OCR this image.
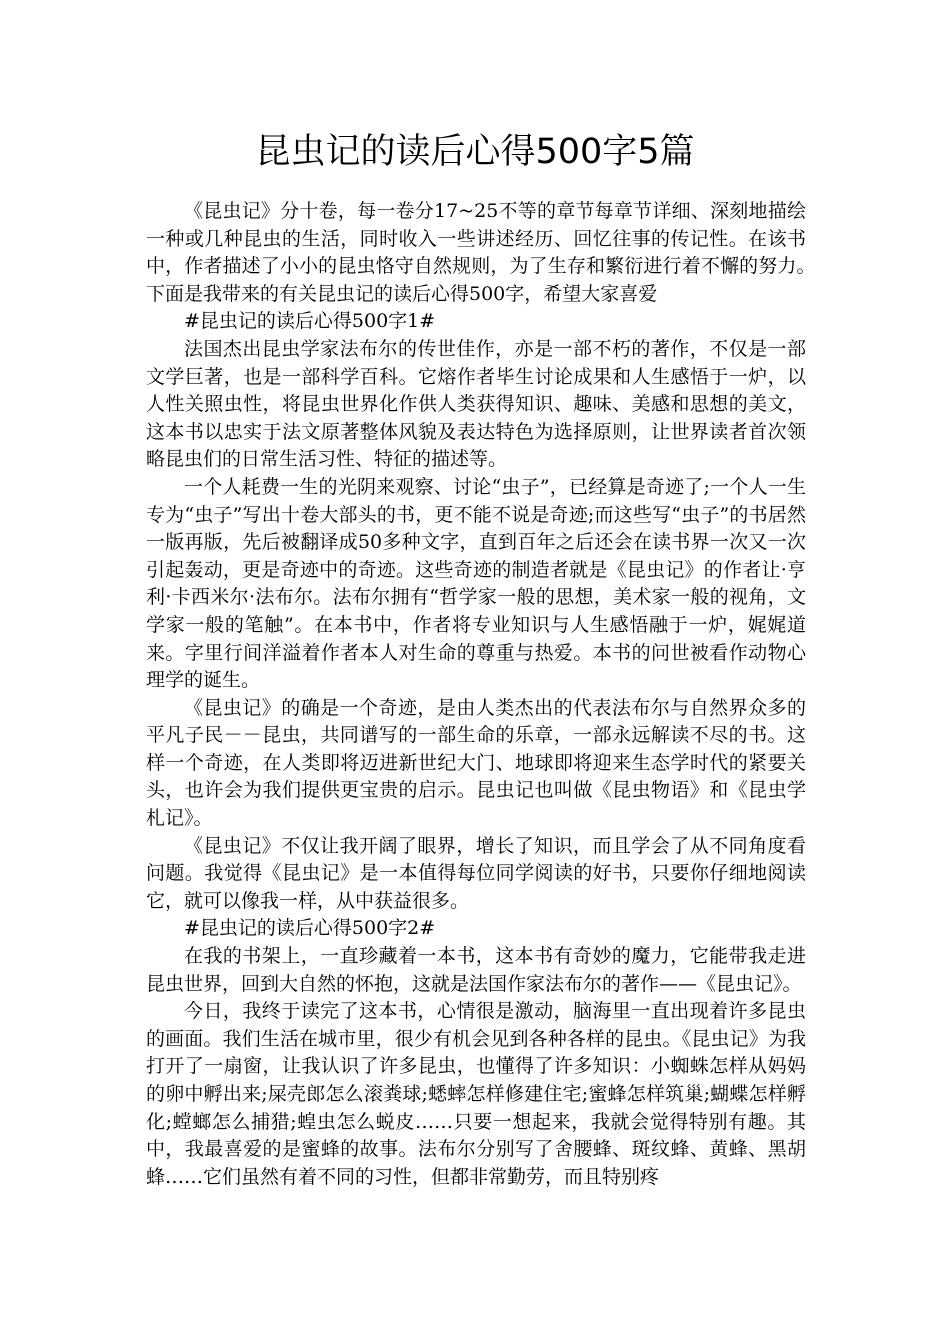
昆虫记的读后心得500字5篇

《昆虫记》分十卷，每一卷分17~25不等的章节每章节详细、深刻地描绘一种或几种昆虫的生活，同时收入一些讲述经历、回忆往事的传记性。在该书中，作者描述了小小的昆虫恪守自然规则，为了生存和繁衍进行着不懈的努力。　下面是我带来的有关昆虫记的读后心得500字，希望大家喜爱

#昆虫记的读后心得500字1#

法国杰出昆虫学家法布尔的传世佳作，亦是一部不朽的著作，不仅是一部文学巨著，也是一部科学百科。它熔作者毕生讨论成果和人生感悟于一炉，以人性关照虫性，将昆虫世界化作供人类获得知识、趣味、美感和思想的美文，这本书以忠实于法文原著整体风貌及表达特色为选择原则，让世界读者首次领略昆虫们的日常生活习性、特征的描述等。

一个人耗费一生的光阴来观察、讨论“虫子”，已经算是奇迹了;一个人一生专为“虫子”写出十卷大部头的书，更不能不说是奇迹;而这些写“虫子”的书居然一版再版，先后被翻译成50多种文字，直到百年之后还会在读书界一次又一次引起轰动，更是奇迹中的奇迹。这些奇迹的制造者就是《昆虫记》的作者让·亨利·卡西米尔·法布尔。法布尔拥有“哲学家一般的思想，美术家一般的视角，文学家一般的笔触”。在本书中，作者将专业知识与人生感悟融于一炉，娓娓道来。字里行间洋溢着作者本人对生命的尊重与热爱。本书的问世被看作动物心理学的诞生。

《昆虫记》的确是一个奇迹，是由人类杰出的代表法布尔与自然界众多的平凡子民－－昆虫，共同谱写的一部生命的乐章，一部永远解读不尽的书。这样一个奇迹，在人类即将迈进新世纪大门、地球即将迎来生态学时代的紧要关头，也许会为我们提供更宝贵的启示。昆虫记也叫做《昆虫物语》和《昆虫学札记》。

《昆虫记》不仅让我开阔了眼界，增长了知识，而且学会了从不同角度看问题。我觉得《昆虫记》是一本值得每位同学阅读的好书，只要你仔细地阅读它，就可以像我一样，从中获益很多。

#昆虫记的读后心得500字2#

在我的书架上，一直珍藏着一本书，这本书有奇妙的魔力，它能带我走进昆虫世界，回到大自然的怀抱，这就是法国作家法布尔的著作——《昆虫记》。

今日，我终于读完了这本书，心情很是激动，脑海里一直出现着许多昆虫的画面。我们生活在城市里，很少有机会见到各种各样的昆虫。《昆虫记》为我打开了一扇窗，让我认识了许多昆虫，也懂得了许多知识：小蜘蛛怎样从妈妈的卵中孵出来;屎壳郎怎么滚粪球;蟋蟀怎样修建住宅;蜜蜂怎样筑巢;蝴蝶怎样孵化;螳螂怎么捕猎;蝗虫怎么蜕皮……只要一想起来，我就会觉得特别有趣。其中，我最喜爱的是蜜蜂的故事。法布尔分别写了舍腰蜂、斑纹蜂、黄蜂、黑胡蜂……它们虽然有着不同的习性，但都非常勤劳，而且特别疼
